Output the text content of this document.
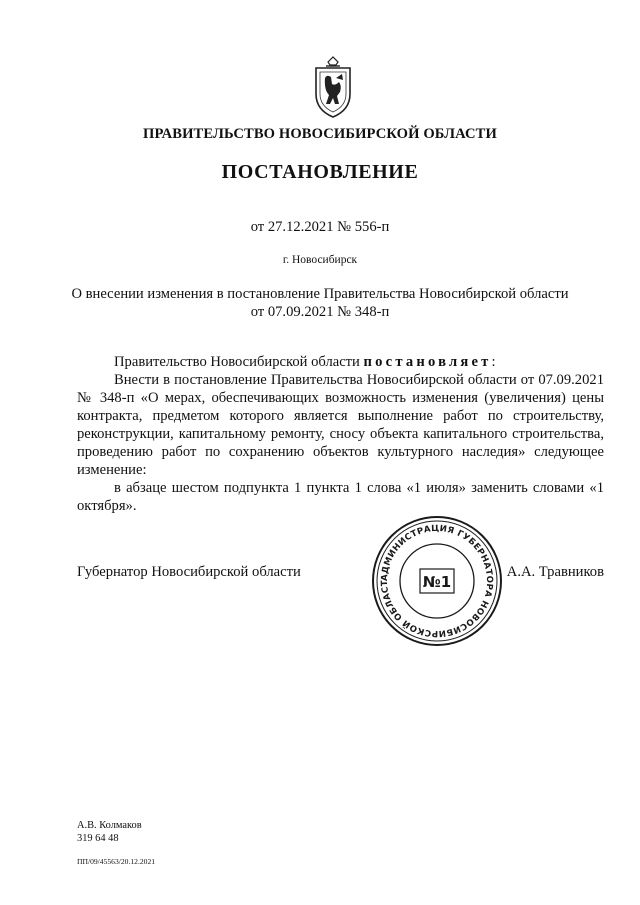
ПРАВИТЕЛЬСТВО НОВОСИБИРСКОЙ ОБЛАСТИ
ПОСТАНОВЛЕНИЕ
от 27.12.2021 № 556-п
г. Новосибирск
О внесении изменения в постановление Правительства Новосибирской области
от 07.09.2021 № 348-п
Правительство Новосибирской области постановляет:
Внести в постановление Правительства Новосибирской области от 07.09.2021 № 348-п «О мерах, обеспечивающих возможность изменения (увеличения) цены контракта, предметом которого является выполнение работ по строительству, реконструкции, капитальному ремонту, сносу объекта капитального строительства, проведению работ по сохранению объектов культурного наследия» следующее изменение:
в абзаце шестом подпункта 1 пункта 1 слова «1 июля» заменить словами «1 октября».
Губернатор Новосибирской области	А.А. Травников
АДМИНИСТРАЦИЯ ГУБЕРНАТОРА НОВОСИБИРСКОЙ ОБЛАСТ	№1
А.В. Колмаков
319 64 48
ПП/09/45563/20.12.2021
